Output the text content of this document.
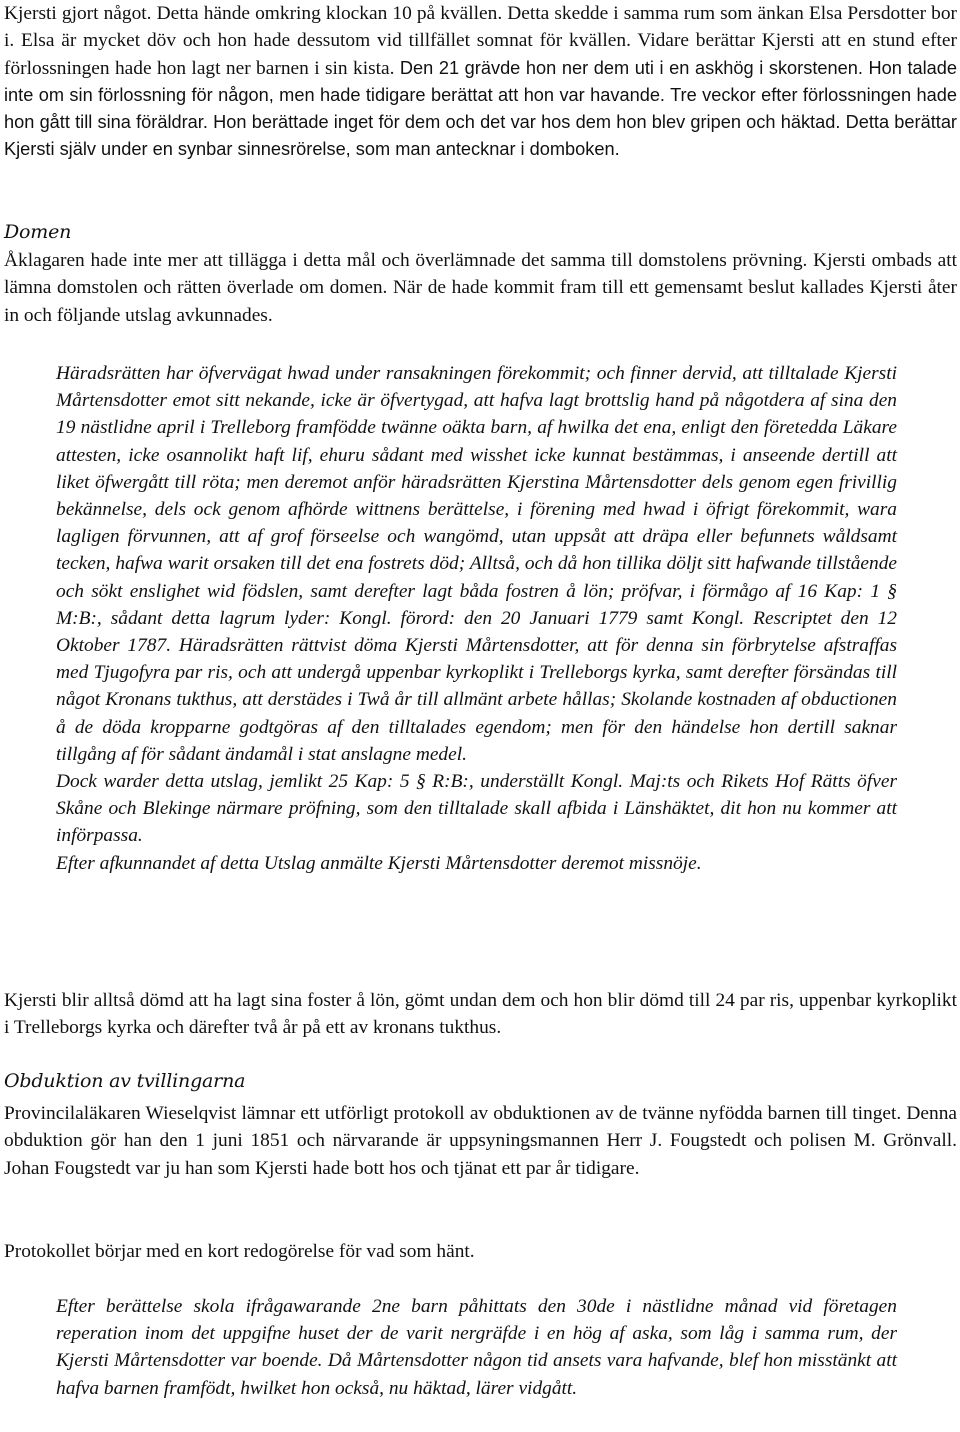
Kjersti gjort något. Detta hände omkring klockan 10 på kvällen. Detta skedde i samma rum som änkan Elsa Persdotter bor i. Elsa är mycket döv och hon hade dessutom vid tillfället somnat för kvällen. Vidare berättar Kjersti att en stund efter förlossningen hade hon lagt ner barnen i sin kista. Den 21 grävde hon ner dem uti i en askhög i skorstenen. Hon talade inte om sin förlossning för någon, men hade tidigare berättat att hon var havande. Tre veckor efter förlossningen hade hon gått till sina föräldrar. Hon berättade inget för dem och det var hos dem hon blev gripen och häktad. Detta berättar Kjersti själv under en synbar sinnesrörelse, som man antecknar i domboken.

Domen

Åklagaren hade inte mer att tillägga i detta mål och överlämnade det samma till domstolens prövning. Kjersti ombads att lämna domstolen och rätten överlade om domen. När de hade kommit fram till ett gemensamt beslut kallades Kjersti åter in och följande utslag avkunnades.

Häradsrätten har öfvervägat hwad under ransakningen förekommit; och finner dervid, att tilltalade Kjersti Mårtensdotter emot sitt nekande, icke är öfvertygad, att hafva lagt brottslig hand på någotdera af sina den 19 nästlidne april i Trelleborg framfödde twänne oäkta barn, af hwilka det ena, enligt den företedda Läkare attesten, icke osannolikt haft lif, ehuru sådant med wisshet icke kunnat bestämmas, i anseende dertill att liket öfwergått till röta; men deremot anför häradsrätten Kjerstina Mårtensdotter dels genom egen frivillig bekännelse, dels ock genom afhörde wittnens berättelse, i förening med hwad i öfrigt förekommit, wara lagligen förvunnen, att af grof förseelse och wangömd, utan uppsåt att dräpa eller befunnets wåldsamt tecken, hafwa warit orsaken till det ena fostrets död; Alltså, och då hon tillika döljt sitt hafwande tillstående och sökt enslighet wid födslen, samt derefter lagt båda fostren å lön; pröfvar, i förmågo af 16 Kap: 1 § M:B:, sådant detta lagrum lyder: Kongl. förord: den 20 Januari 1779 samt Kongl. Rescriptet den 12 Oktober 1787. Häradsrätten rättvist döma Kjersti Mårtensdotter, att för denna sin förbrytelse afstraffas med Tjugofyra par ris, och att undergå uppenbar kyrkoplikt i Trelleborgs kyrka, samt derefter försändas till något Kronans tukthus, att derstädes i Twå år till allmänt arbete hållas; Skolande kostnaden af obductionen å de döda kropparne godtgöras af den tilltalades egendom; men för den händelse hon dertill saknar tillgång af för sådant ändamål i stat anslagne medel.

Dock warder detta utslag, jemlikt 25 Kap: 5 § R:B:, underställt Kongl. Maj:ts och Rikets Hof Rätts öfver Skåne och Blekinge närmare pröfning, som den tilltalade skall afbida i Länshäktet, dit hon nu kommer att införpassa.

Efter afkunnandet af detta Utslag anmälte Kjersti Mårtensdotter deremot missnöje.

Kjersti blir alltså dömd att ha lagt sina foster å lön, gömt undan dem och hon blir dömd till 24 par ris, uppenbar kyrkoplikt i Trelleborgs kyrka och därefter två år på ett av kronans tukthus.

Obduktion av tvillingarna

Provincilaläkaren Wieselqvist lämnar ett utförligt protokoll av obduktionen av de tvänne nyfödda barnen till tinget. Denna obduktion gör han den 1 juni 1851 och närvarande är uppsyningsmannen Herr J. Fougstedt och polisen M. Grönvall. Johan Fougstedt var ju han som Kjersti hade bott hos och tjänat ett par år tidigare.

Protokollet börjar med en kort redogörelse för vad som hänt.

Efter berättelse skola ifrågawarande 2ne barn påhittats den 30de i nästlidne månad vid företagen reperation inom det uppgifne huset der de varit nergräfde i en hög af aska, som låg i samma rum, der Kjersti Mårtensdotter var boende. Då Mårtensdotter någon tid ansets vara hafvande, blef hon misstänkt att hafva barnen framfödt, hwilket hon också, nu häktad, lärer vidgått.
